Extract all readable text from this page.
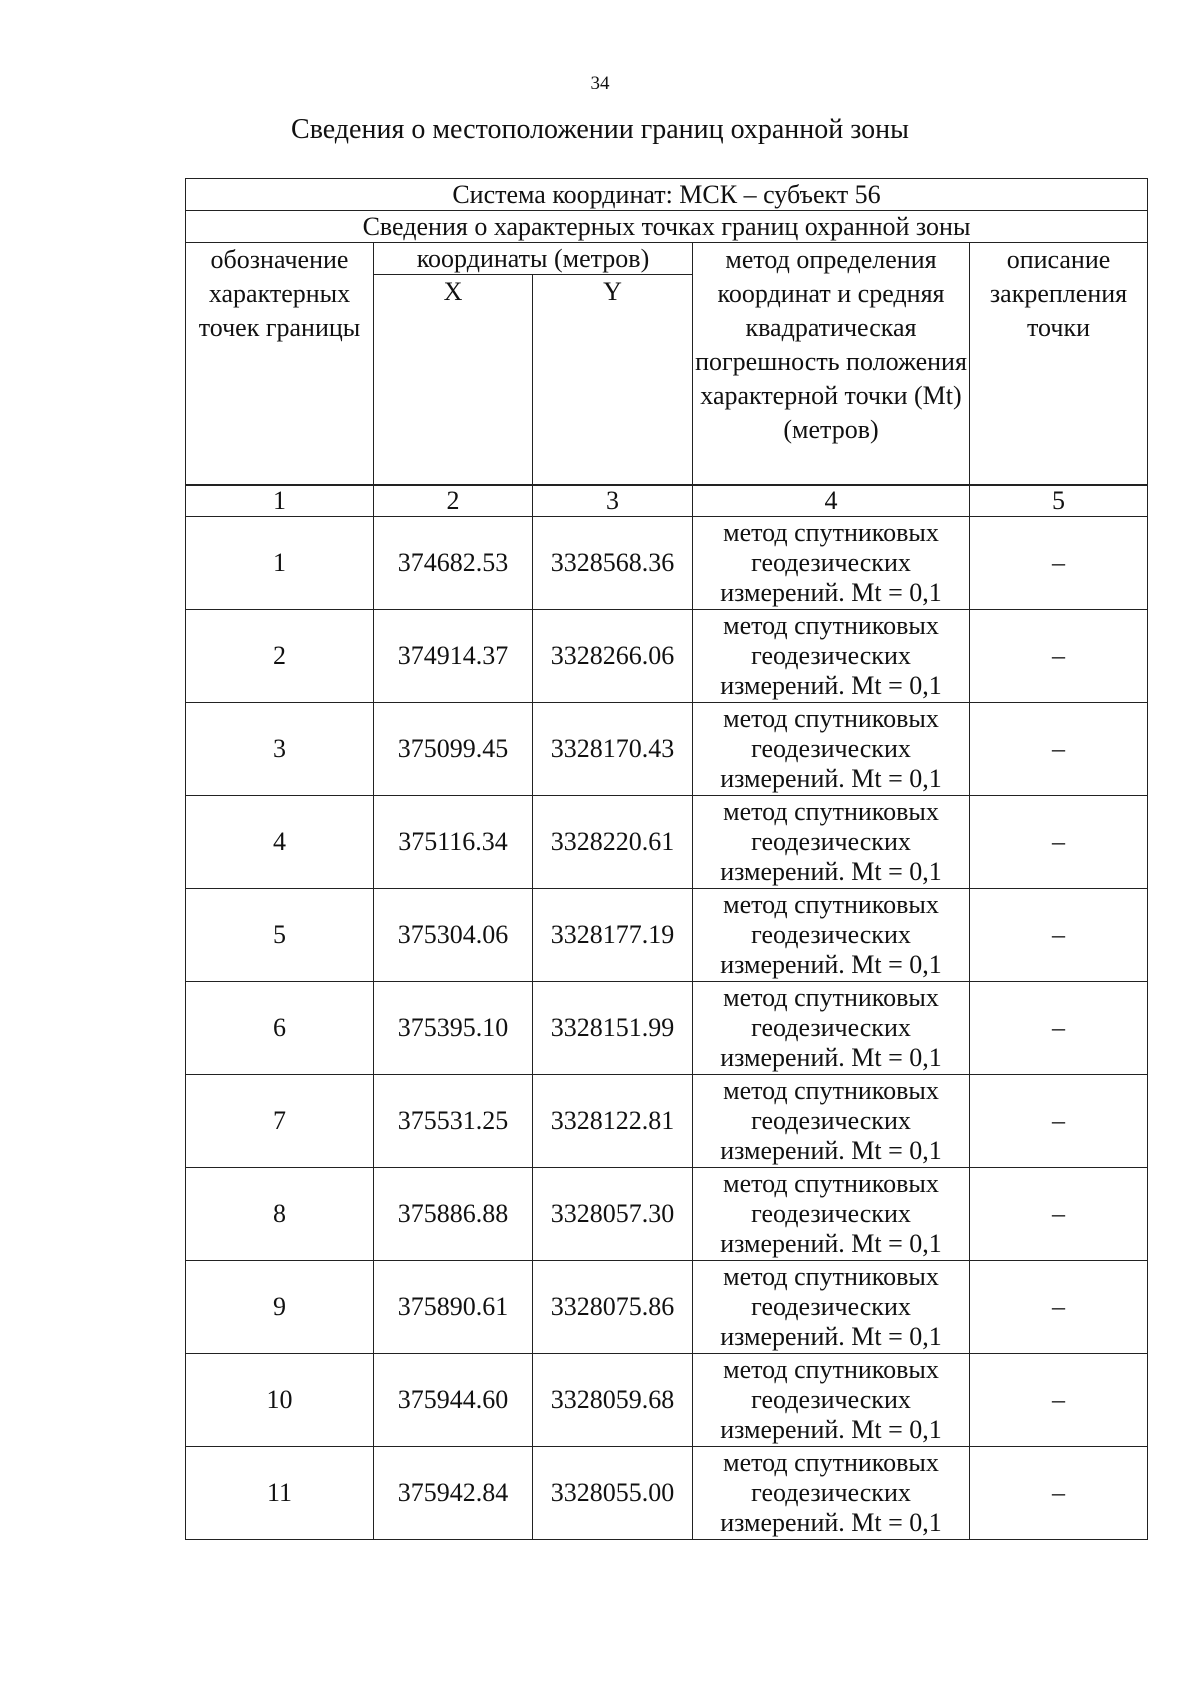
34
Сведения о местоположении границ охранной зоны
Система координат: МСК – субъект 56				
Сведения о характерных точках границ охранной зоны				
обозначение характерных точек границы	координаты (метров)		метод определения координат и средняя квадратическая погрешность положения характерной точки (Mt) (метров)	описание закрепления точки
	X	Y		
1	2	3	4	5
1	374682.53	3328568.36	метод спутниковых
геодезических
измерений. Mt = 0,1	–
2	374914.37	3328266.06	метод спутниковых
геодезических
измерений. Mt = 0,1	–
3	375099.45	3328170.43	метод спутниковых
геодезических
измерений. Mt = 0,1	–
4	375116.34	3328220.61	метод спутниковых
геодезических
измерений. Mt = 0,1	–
5	375304.06	3328177.19	метод спутниковых
геодезических
измерений. Mt = 0,1	–
6	375395.10	3328151.99	метод спутниковых
геодезических
измерений. Mt = 0,1	–
7	375531.25	3328122.81	метод спутниковых
геодезических
измерений. Mt = 0,1	–
8	375886.88	3328057.30	метод спутниковых
геодезических
измерений. Mt = 0,1	–
9	375890.61	3328075.86	метод спутниковых
геодезических
измерений. Mt = 0,1	–
10	375944.60	3328059.68	метод спутниковых
геодезических
измерений. Mt = 0,1	–
11	375942.84	3328055.00	метод спутниковых
геодезических
измерений. Mt = 0,1	–
